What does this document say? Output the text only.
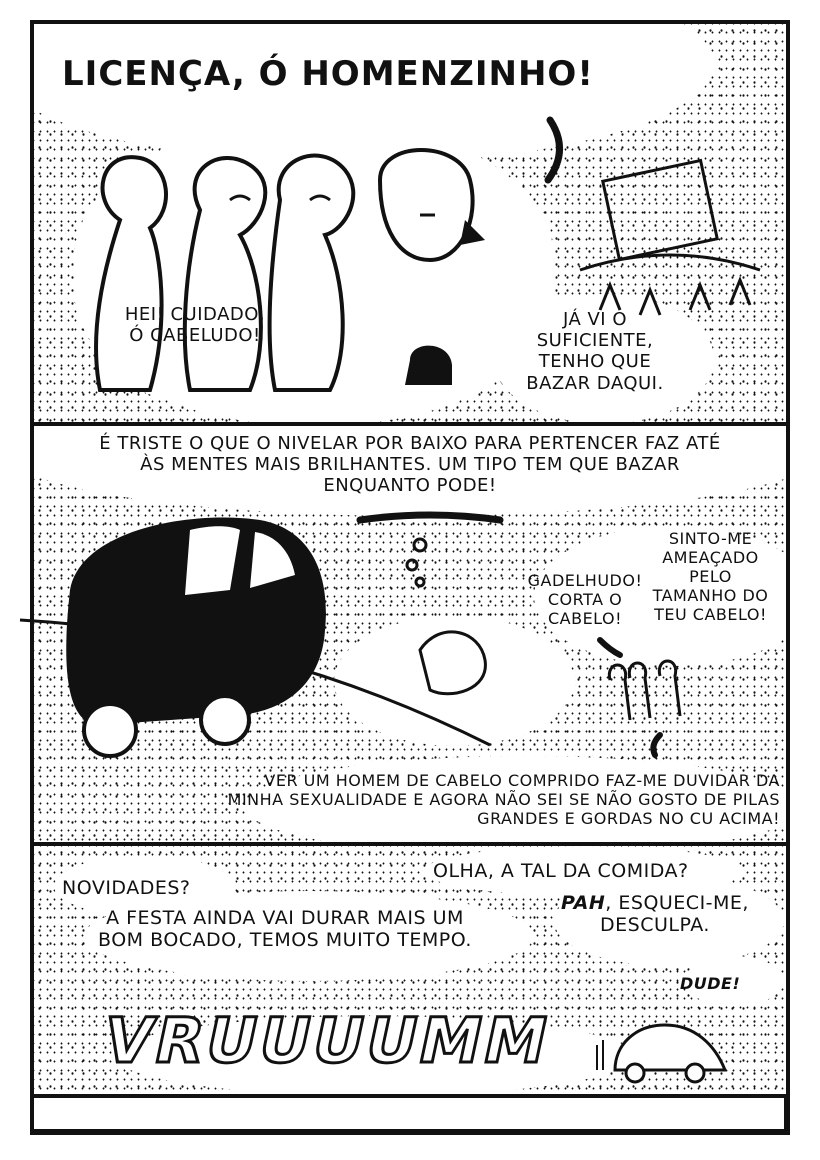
LICENÇA, Ó HOMENZINHO!
HEI! CUIDADO,
Ó CABELUDO!
JÁ VI O
SUFICIENTE,
TENHO QUE
BAZAR DAQUI.
É TRISTE O QUE O NIVELAR POR BAIXO PARA PERTENCER FAZ ATÉ
ÀS MENTES MAIS BRILHANTES. UM TIPO TEM QUE BAZAR
ENQUANTO PODE!
GADELHUDO!
CORTA O
CABELO!
SINTO-ME
AMEAÇADO
PELO
TAMANHO DO
TEU CABELO!
VER UM HOMEM DE CABELO COMPRIDO FAZ-ME DUVIDAR DA
MINHA SEXUALIDADE E AGORA NÃO SEI SE NÃO GOSTO DE PILAS
GRANDES E GORDAS NO CU ACIMA!
NOVIDADES?
OLHA, A TAL DA COMIDA?
A FESTA AINDA VAI DURAR MAIS UM
BOM BOCADO, TEMOS MUITO TEMPO.
PAH, ESQUECI-ME,
DESCULPA.
DUDE!
VRUUUUMM
